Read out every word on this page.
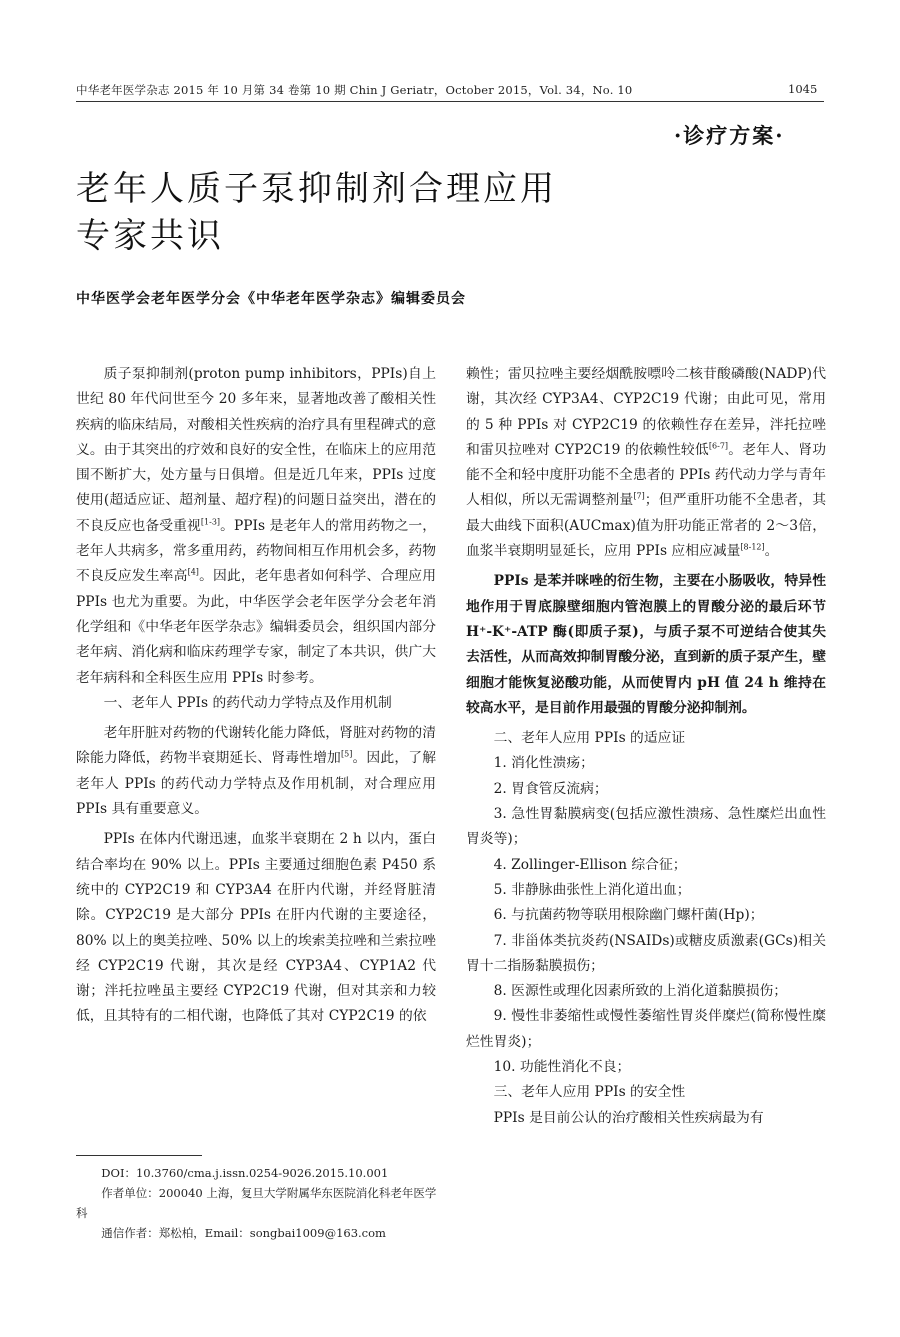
中华老年医学杂志 2015 年 10 月第 34 卷第 10 期 Chin J Geriatr，October 2015，Vol. 34，No. 10	1045
·诊疗方案·
老年人质子泵抑制剂合理应用
专家共识
中华医学会老年医学分会《中华老年医学杂志》编辑委员会

质子泵抑制剂(proton pump inhibitors，PPIs)自上世纪 80 年代问世至今 20 多年来，显著地改善了酸相关性疾病的临床结局，对酸相关性疾病的治疗具有里程碑式的意义。由于其突出的疗效和良好的安全性，在临床上的应用范围不断扩大，处方量与日俱增。但是近几年来，PPIs 过度使用(超适应证、超剂量、超疗程)的问题日益突出，潜在的不良反应也备受重视[1-3]。PPIs 是老年人的常用药物之一，老年人共病多，常多重用药，药物间相互作用机会多，药物不良反应发生率高[4]。因此，老年患者如何科学、合理应用 PPIs 也尤为重要。为此，中华医学会老年医学分会老年消化学组和《中华老年医学杂志》编辑委员会，组织国内部分老年病、消化病和临床药理学专家，制定了本共识，供广大老年病科和全科医生应用 PPIs 时参考。

一、老年人 PPIs 的药代动力学特点及作用机制

老年肝脏对药物的代谢转化能力降低，肾脏对药物的清除能力降低，药物半衰期延长、肾毒性增加[5]。因此，了解老年人 PPIs 的药代动力学特点及作用机制，对合理应用 PPIs 具有重要意义。

PPIs 在体内代谢迅速，血浆半衰期在 2 h 以内，蛋白结合率均在 90% 以上。PPIs 主要通过细胞色素 P450 系统中的 CYP2C19 和 CYP3A4 在肝内代谢，并经肾脏清除。CYP2C19 是大部分 PPIs 在肝内代谢的主要途径，80% 以上的奥美拉唑、50% 以上的埃索美拉唑和兰索拉唑经 CYP2C19 代谢，其次是经 CYP3A4、CYP1A2 代谢；泮托拉唑虽主要经 CYP2C19 代谢，但对其亲和力较低，且其特有的二相代谢，也降低了其对 CYP2C19 的依

赖性；雷贝拉唑主要经烟酰胺嘌呤二核苷酸磷酸(NADP)代谢，其次经 CYP3A4、CYP2C19 代谢；由此可见，常用的 5 种 PPIs 对 CYP2C19 的依赖性存在差异，泮托拉唑和雷贝拉唑对 CYP2C19 的依赖性较低[6-7]。老年人、肾功能不全和轻中度肝功能不全患者的 PPIs 药代动力学与青年人相似，所以无需调整剂量[7]；但严重肝功能不全患者，其最大曲线下面积(AUCmax)值为肝功能正常者的 2～3倍，血浆半衰期明显延长，应用 PPIs 应相应减量[8-12]。

PPIs 是苯并咪唑的衍生物，主要在小肠吸收，特异性地作用于胃底腺壁细胞内管泡膜上的胃酸分泌的最后环节 H⁺-K⁺-ATP 酶(即质子泵)，与质子泵不可逆结合使其失去活性，从而高效抑制胃酸分泌，直到新的质子泵产生，壁细胞才能恢复泌酸功能，从而使胃内 pH 值 24 h 维持在较高水平，是目前作用最强的胃酸分泌抑制剂。

二、老年人应用 PPIs 的适应证

1. 消化性溃疡；

2. 胃食管反流病；

3. 急性胃黏膜病变(包括应激性溃疡、急性糜烂出血性胃炎等)；

4. Zollinger-Ellison 综合征；

5. 非静脉曲张性上消化道出血；

6. 与抗菌药物等联用根除幽门螺杆菌(Hp)；

7. 非甾体类抗炎药(NSAIDs)或糖皮质激素(GCs)相关胃十二指肠黏膜损伤；

8. 医源性或理化因素所致的上消化道黏膜损伤；

9. 慢性非萎缩性或慢性萎缩性胃炎伴糜烂(简称慢性糜烂性胃炎)；

10. 功能性消化不良；

三、老年人应用 PPIs 的安全性

PPIs 是目前公认的治疗酸相关性疾病最为有

DOI：10.3760/cma.j.issn.0254-9026.2015.10.001

作者单位：200040 上海，复旦大学附属华东医院消化科老年医学科

通信作者：郑松柏，Email：songbai1009@163.com
